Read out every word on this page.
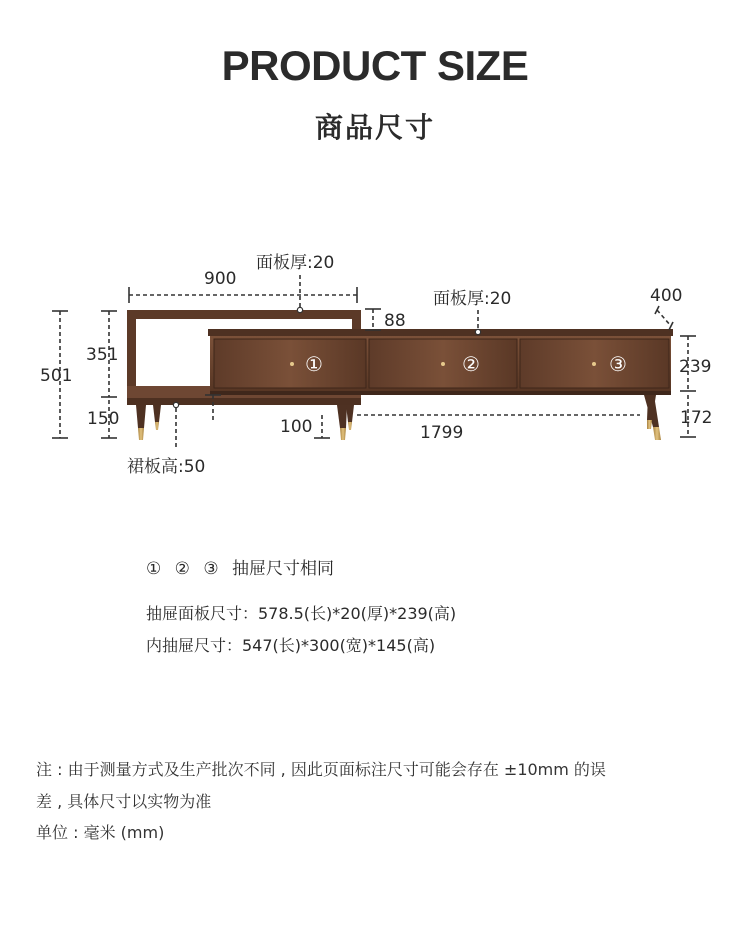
PRODUCT SIZE
商品尺寸
面板厚:20
900
面板厚:20	400
88
351
501	239
150	100	1799
172
裙板高:50
①	②	③
① ② ③ 抽屉尺寸相同
抽屉面板尺寸：578.5(长)*20(厚)*239(高)
内抽屉尺寸：547(长)*300(宽)*145(高)
注 : 由于测量方式及生产批次不同 , 因此页面标注尺寸可能会存在 ±10mm 的误
差 , 具体尺寸以实物为准
单位 : 毫米 (mm)
